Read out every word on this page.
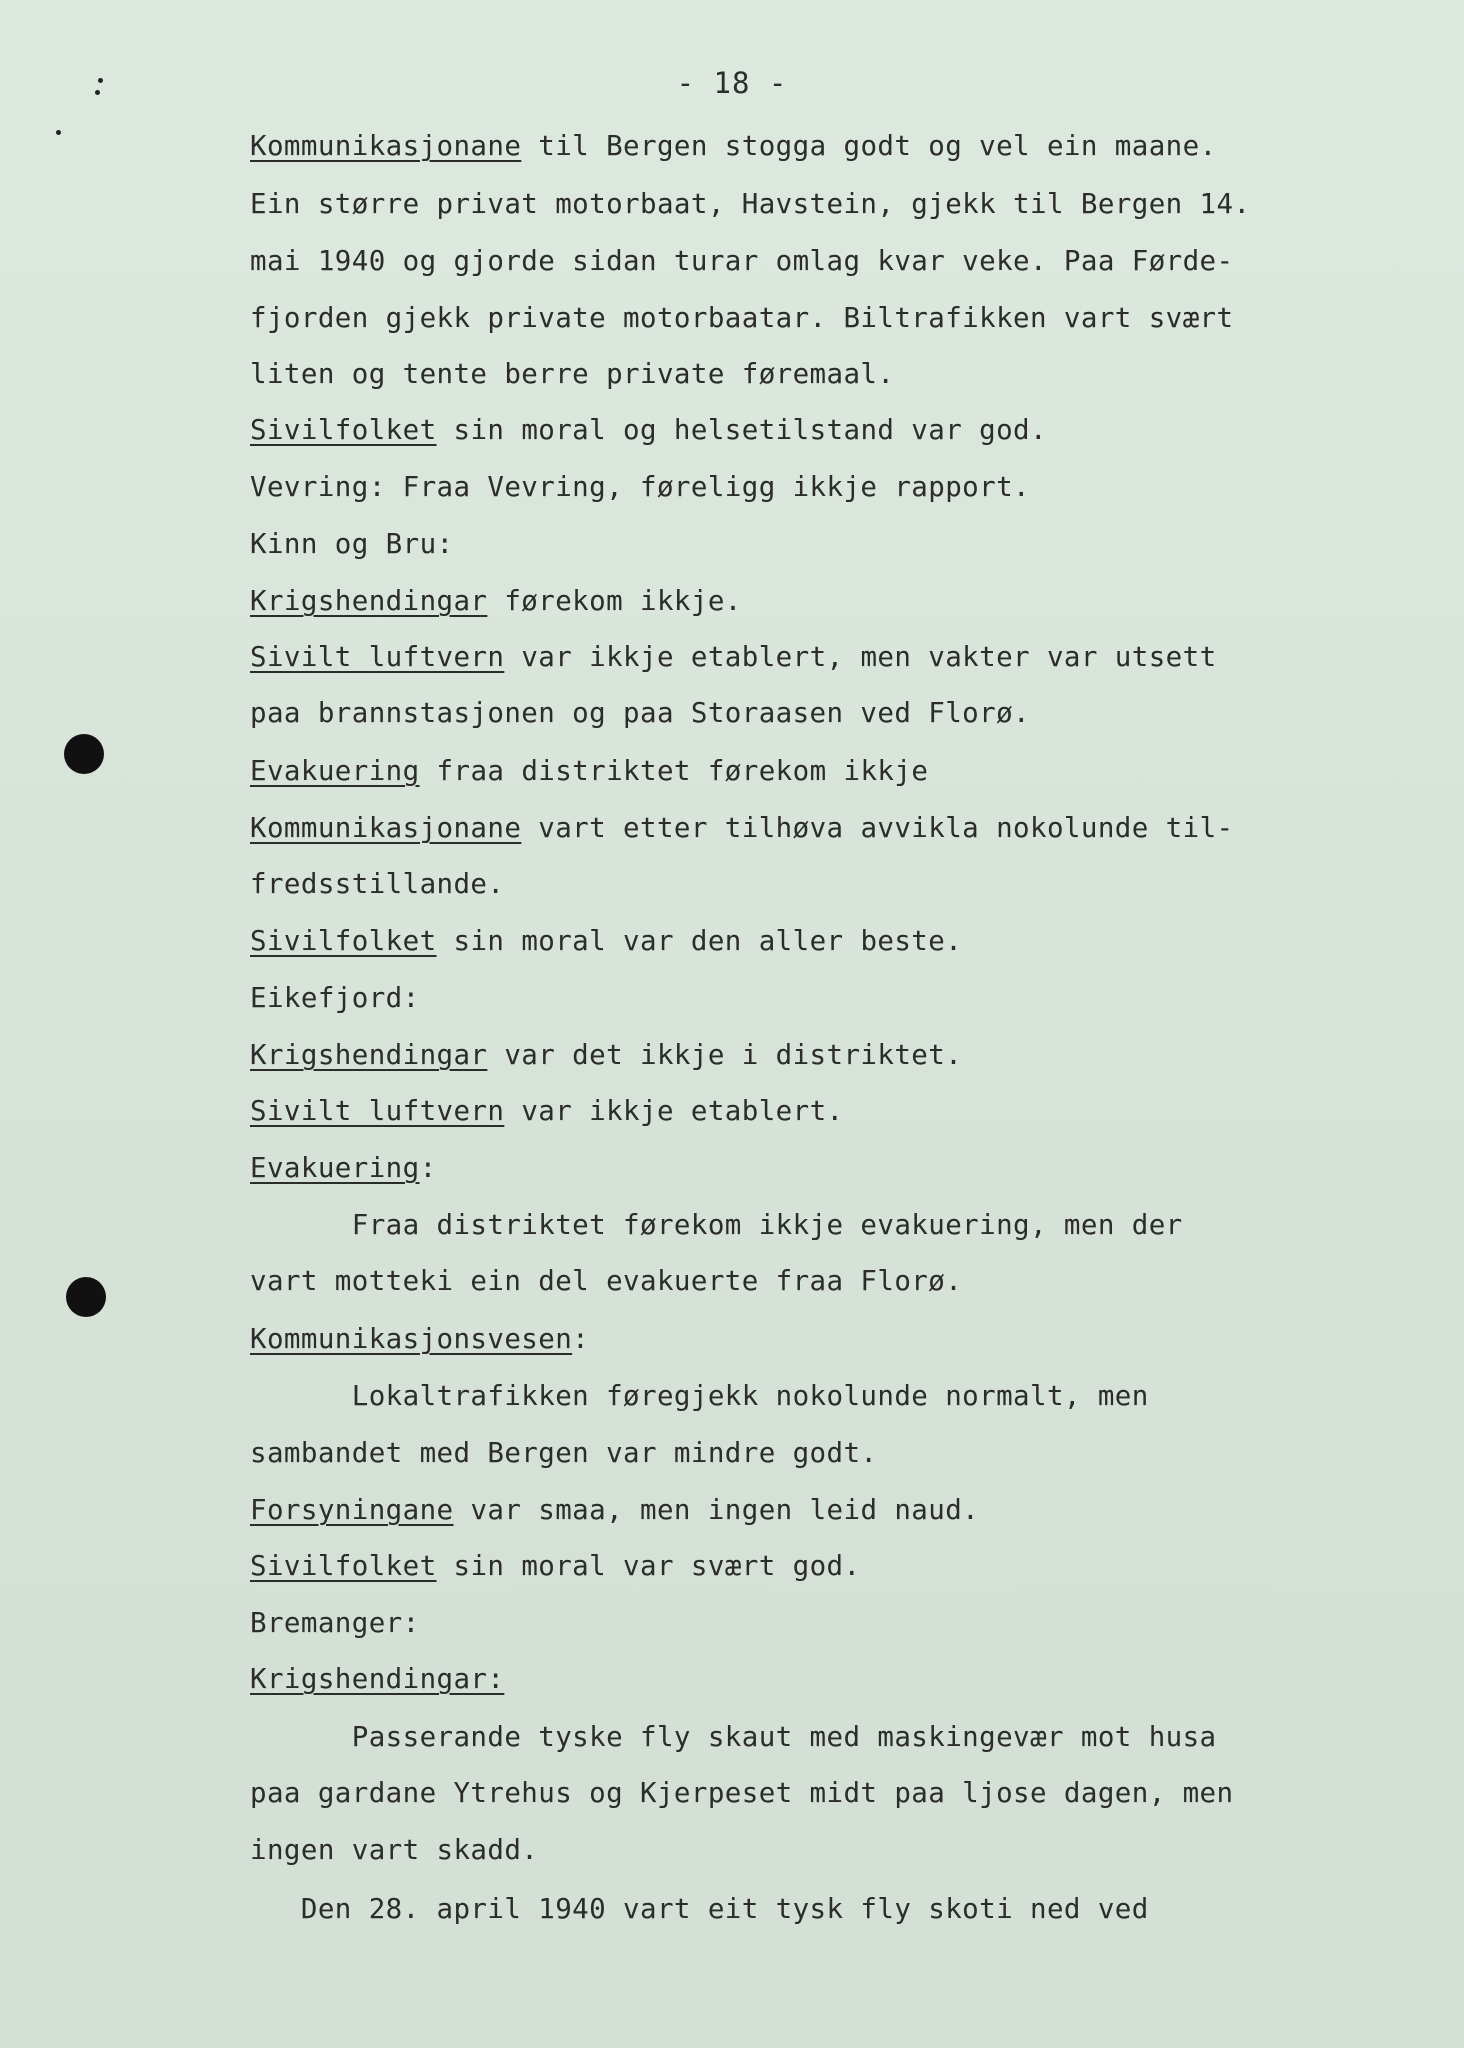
- 18 -
Kommunikasjonane til Bergen stogga godt og vel ein maane.
Ein større privat motorbaat, Havstein, gjekk til Bergen 14.
mai 1940 og gjorde sidan turar omlag kvar veke. Paa Førde-
fjorden gjekk private motorbaatar. Biltrafikken vart svært
liten og tente berre private føremaal.
Sivilfolket sin moral og helsetilstand var god.
Vevring: Fraa Vevring, føreligg ikkje rapport.
Kinn og Bru:
Krigshendingar førekom ikkje.
Sivilt luftvern var ikkje etablert, men vakter var utsett
paa brannstasjonen og paa Storaasen ved Florø.
Evakuering fraa distriktet førekom ikkje
Kommunikasjonane vart etter tilhøva avvikla nokolunde til-
fredsstillande.
Sivilfolket sin moral var den aller beste.
Eikefjord:
Krigshendingar var det ikkje i distriktet.
Sivilt luftvern var ikkje etablert.
Evakuering:
Fraa distriktet førekom ikkje evakuering, men der
vart motteki ein del evakuerte fraa Florø.
Kommunikasjonsvesen:
Lokaltrafikken føregjekk nokolunde normalt, men
sambandet med Bergen var mindre godt.
Forsyningane var smaa, men ingen leid naud.
Sivilfolket sin moral var svært god.
Bremanger:
Krigshendingar:
Passerande tyske fly skaut med maskingevær mot husa
paa gardane Ytrehus og Kjerpeset midt paa ljose dagen, men
ingen vart skadd.
Den 28. april 1940 vart eit tysk fly skoti ned ved
